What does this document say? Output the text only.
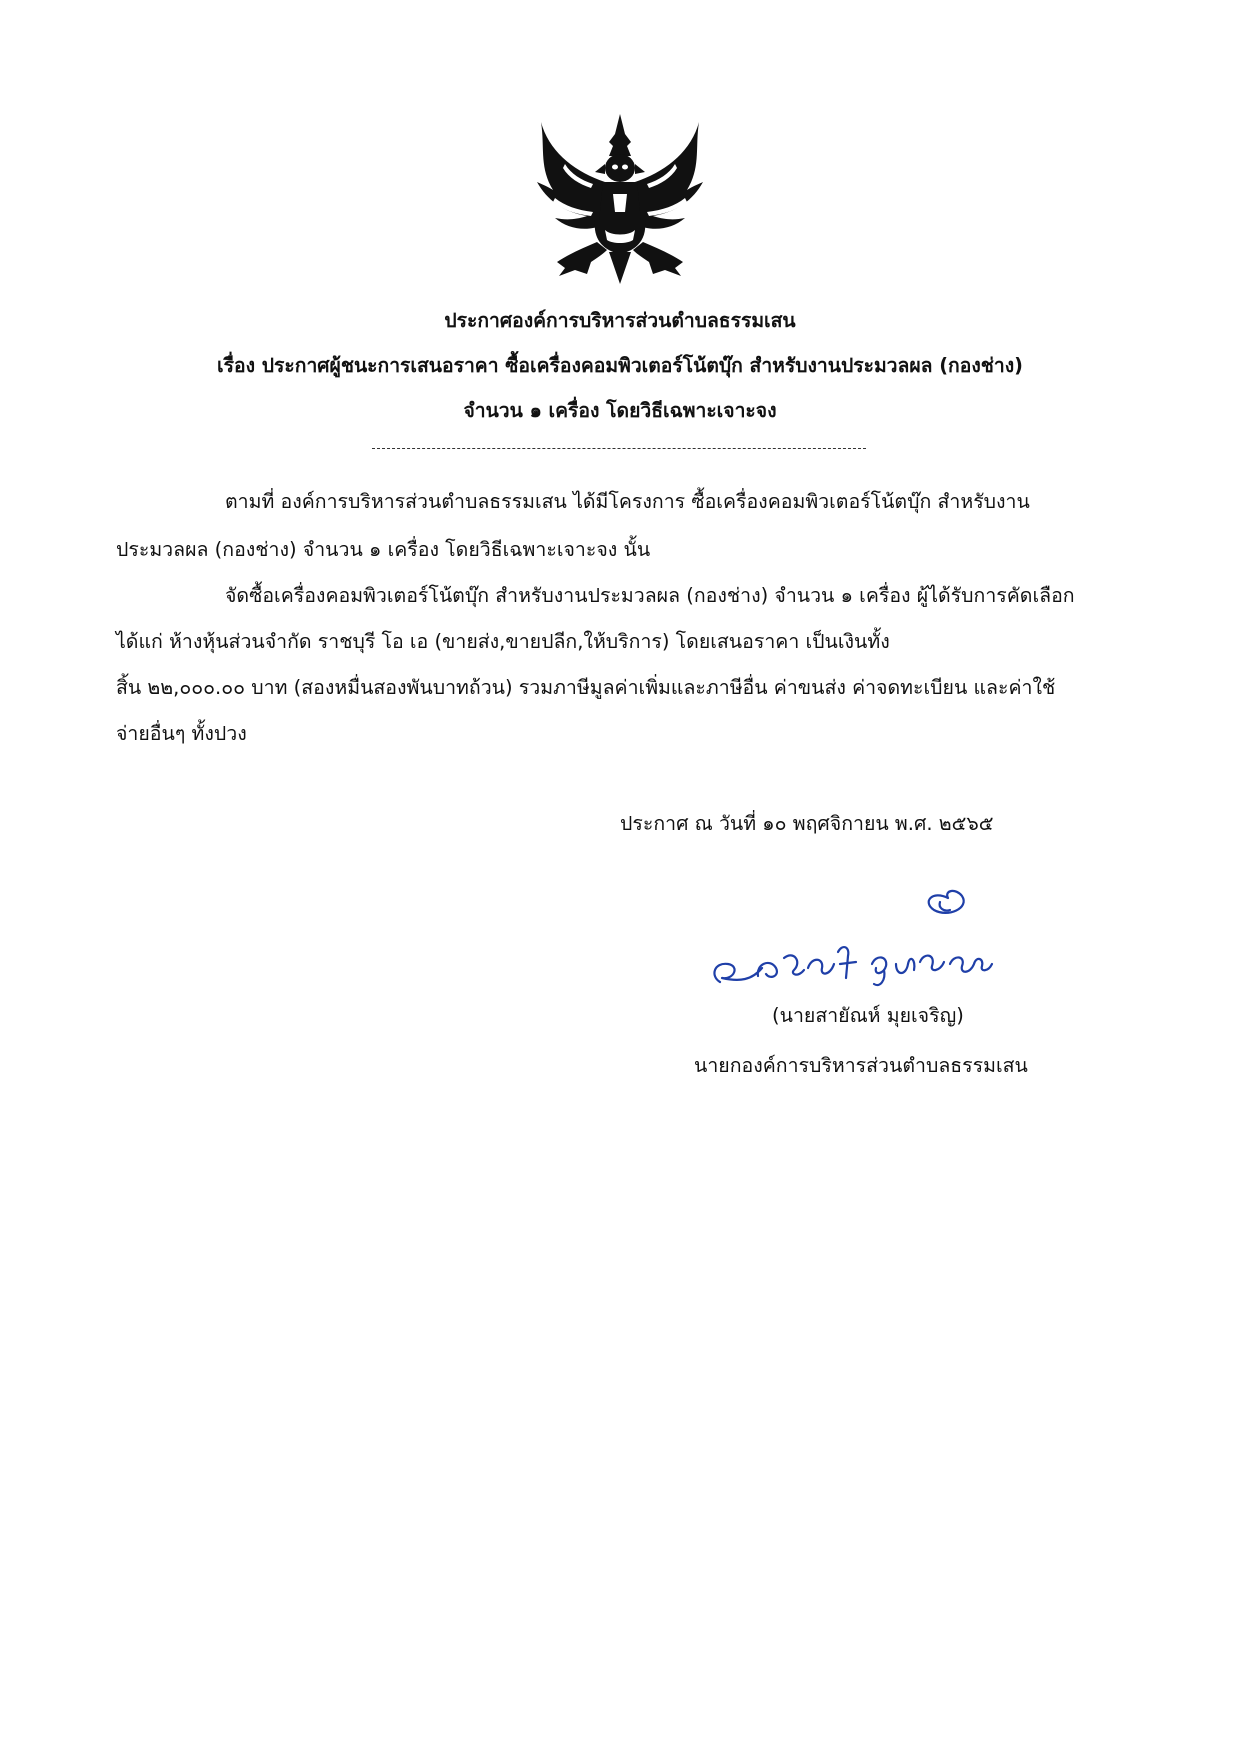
ประกาศองค์การบริหารส่วนตำบลธรรมเสน
เรื่อง ประกาศผู้ชนะการเสนอราคา ซื้อเครื่องคอมพิวเตอร์โน้ตบุ๊ก สำหรับงานประมวลผล (กองช่าง)
จำนวน ๑ เครื่อง โดยวิธีเฉพาะเจาะจง
ตามที่ องค์การบริหารส่วนตำบลธรรมเสน ได้มีโครงการ ซื้อเครื่องคอมพิวเตอร์โน้ตบุ๊ก สำหรับงาน
ประมวลผล (กองช่าง) จำนวน ๑ เครื่อง โดยวิธีเฉพาะเจาะจง นั้น
จัดซื้อเครื่องคอมพิวเตอร์โน้ตบุ๊ก สำหรับงานประมวลผล (กองช่าง) จำนวน ๑ เครื่อง ผู้ได้รับการคัดเลือก
ได้แก่ ห้างหุ้นส่วนจำกัด ราชบุรี โอ เอ (ขายส่ง,ขายปลีก,ให้บริการ) โดยเสนอราคา เป็นเงินทั้ง
สิ้น ๒๒,๐๐๐.๐๐ บาท (สองหมื่นสองพันบาทถ้วน) รวมภาษีมูลค่าเพิ่มและภาษีอื่น ค่าขนส่ง ค่าจดทะเบียน และค่าใช้
จ่ายอื่นๆ ทั้งปวง
ประกาศ ณ วันที่ ๑๐ พฤศจิกายน พ.ศ. ๒๕๖๕
(นายสายัณห์ มุยเจริญ)
นายกองค์การบริหารส่วนตำบลธรรมเสน
